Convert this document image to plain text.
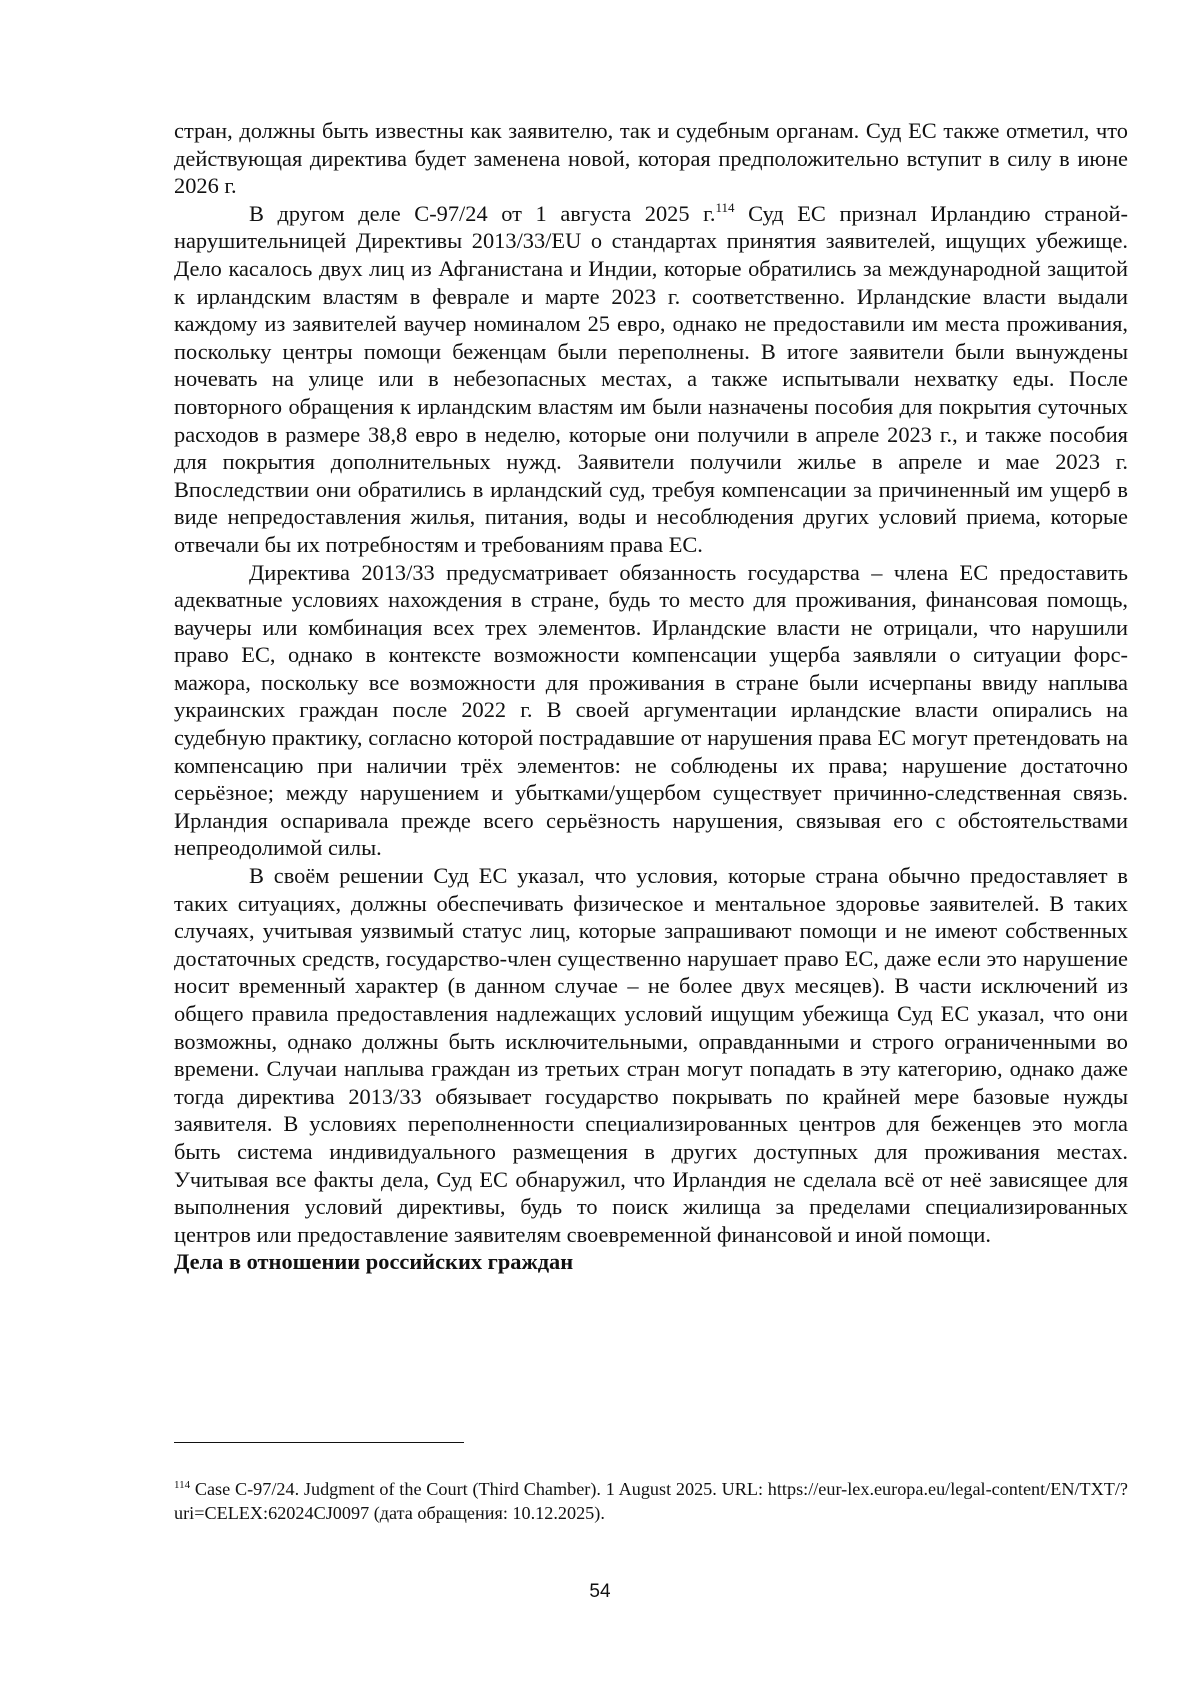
стран, должны быть известны как заявителю, так и судебным органам. Суд ЕС также отметил, что действующая директива будет заменена новой, которая предположительно вступит в силу в июне 2026 г.

В другом деле C-97/24 от 1 августа 2025 г.$^{114}$ Суд ЕС признал Ирландию страной-нарушительницей Директивы 2013/33/EU о стандартах принятия заявителей, ищущих убежище. Дело касалось двух лиц из Афганистана и Индии, которые обратились за международной защитой к ирландским властям в феврале и марте 2023 г. соответственно. Ирландские власти выдали каждому из заявителей ваучер номиналом 25 евро, однако не предоставили им места проживания, поскольку центры помощи беженцам были переполнены. В итоге заявители были вынуждены ночевать на улице или в небезопасных местах, а также испытывали нехватку еды. После повторного обращения к ирландским властям им были назначены пособия для покрытия суточных расходов в размере 38,8 евро в неделю, которые они получили в апреле 2023 г., и также пособия для покрытия дополнительных нужд. Заявители получили жилье в апреле и мае 2023 г. Впоследствии они обратились в ирландский суд, требуя компенсации за причиненный им ущерб в виде непредоставления жилья, питания, воды и несоблюдения других условий приема, которые отвечали бы их потребностям и требованиям права ЕС.

Директива 2013/33 предусматривает обязанность государства – члена ЕС предоставить адекватные условиях нахождения в стране, будь то место для проживания, финансовая помощь, ваучеры или комбинация всех трех элементов. Ирландские власти не отрицали, что нарушили право ЕС, однако в контексте возможности компенсации ущерба заявляли о ситуации форс-мажора, поскольку все возможности для проживания в стране были исчерпаны ввиду наплыва украинских граждан после 2022 г. В своей аргументации ирландские власти опирались на судебную практику, согласно которой пострадавшие от нарушения права ЕС могут претендовать на компенсацию при наличии трёх элементов: не соблюдены их права; нарушение достаточно серьёзное; между нарушением и убытками/ущербом существует причинно-следственная связь. Ирландия оспаривала прежде всего серьёзность нарушения, связывая его с обстоятельствами непреодолимой силы.

В своём решении Суд ЕС указал, что условия, которые страна обычно предоставляет в таких ситуациях, должны обеспечивать физическое и ментальное здоровье заявителей. В таких случаях, учитывая уязвимый статус лиц, которые запрашивают помощи и не имеют собственных достаточных средств, государство-член существенно нарушает право ЕС, даже если это нарушение носит временный характер (в данном случае – не более двух месяцев). В части исключений из общего правила предоставления надлежащих условий ищущим убежища Суд ЕС указал, что они возможны, однако должны быть исключительными, оправданными и строго ограниченными во времени. Случаи наплыва граждан из третьих стран могут попадать в эту категорию, однако даже тогда директива 2013/33 обязывает государство покрывать по крайней мере базовые нужды заявителя. В условиях переполненности специализированных центров для беженцев это могла быть система индивидуального размещения в других доступных для проживания местах. Учитывая все факты дела, Суд ЕС обнаружил, что Ирландия не сделала всё от неё зависящее для выполнения условий директивы, будь то поиск жилища за пределами специализированных центров или предоставление заявителям своевременной финансовой и иной помощи.

Дела в отношении российских граждан

$^{114}$ Case C-97/24. Judgment of the Court (Third Chamber). 1 August 2025. URL: https://eur-lex.europa.eu/legal-content/EN/TXT/?uri=CELEX:62024CJ0097 (дата обращения: 10.12.2025).

54
